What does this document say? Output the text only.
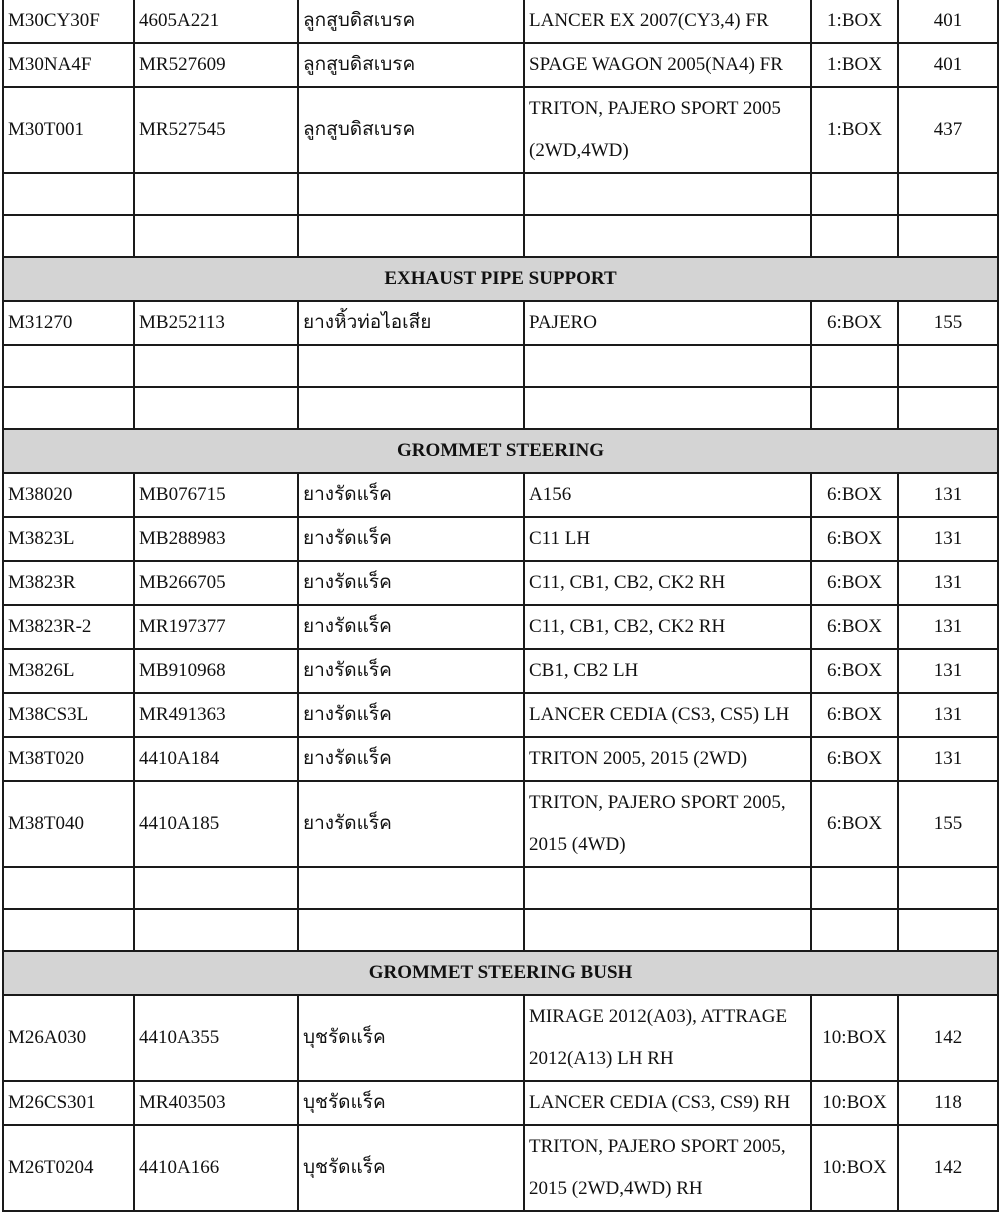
M30CY30F	4605A221	ลูกสูบดิสเบรค	LANCER EX 2007(CY3,4) FR	1:BOX	401
M30NA4F	MR527609	ลูกสูบดิสเบรค	SPAGE WAGON 2005(NA4) FR	1:BOX	401
M30T001	MR527545	ลูกสูบดิสเบรค	TRITON, PAJERO SPORT 2005 (2WD,4WD)	1:BOX	437

EXHAUST PIPE SUPPORT					
M31270	MB252113	ยางหิ้วท่อไอเสีย	PAJERO	6:BOX	155

GROMMET STEERING					
M38020	MB076715	ยางรัดแร็ค	A156	6:BOX	131
M3823L	MB288983	ยางรัดแร็ค	C11 LH	6:BOX	131
M3823R	MB266705	ยางรัดแร็ค	C11, CB1, CB2, CK2 RH	6:BOX	131
M3823R-2	MR197377	ยางรัดแร็ค	C11, CB1, CB2, CK2 RH	6:BOX	131
M3826L	MB910968	ยางรัดแร็ค	CB1, CB2 LH	6:BOX	131
M38CS3L	MR491363	ยางรัดแร็ค	LANCER CEDIA (CS3, CS5) LH	6:BOX	131
M38T020	4410A184	ยางรัดแร็ค	TRITON 2005, 2015 (2WD)	6:BOX	131
M38T040	4410A185	ยางรัดแร็ค	TRITON, PAJERO SPORT 2005, 2015 (4WD)	6:BOX	155

GROMMET STEERING BUSH					
M26A030	4410A355	บุชรัดแร็ค	MIRAGE 2012(A03), ATTRAGE 2012(A13) LH RH	10:BOX	142
M26CS301	MR403503	บุชรัดแร็ค	LANCER CEDIA (CS3, CS9) RH	10:BOX	118
M26T0204	4410A166	บุชรัดแร็ค	TRITON, PAJERO SPORT 2005, 2015 (2WD,4WD) RH	10:BOX	142
